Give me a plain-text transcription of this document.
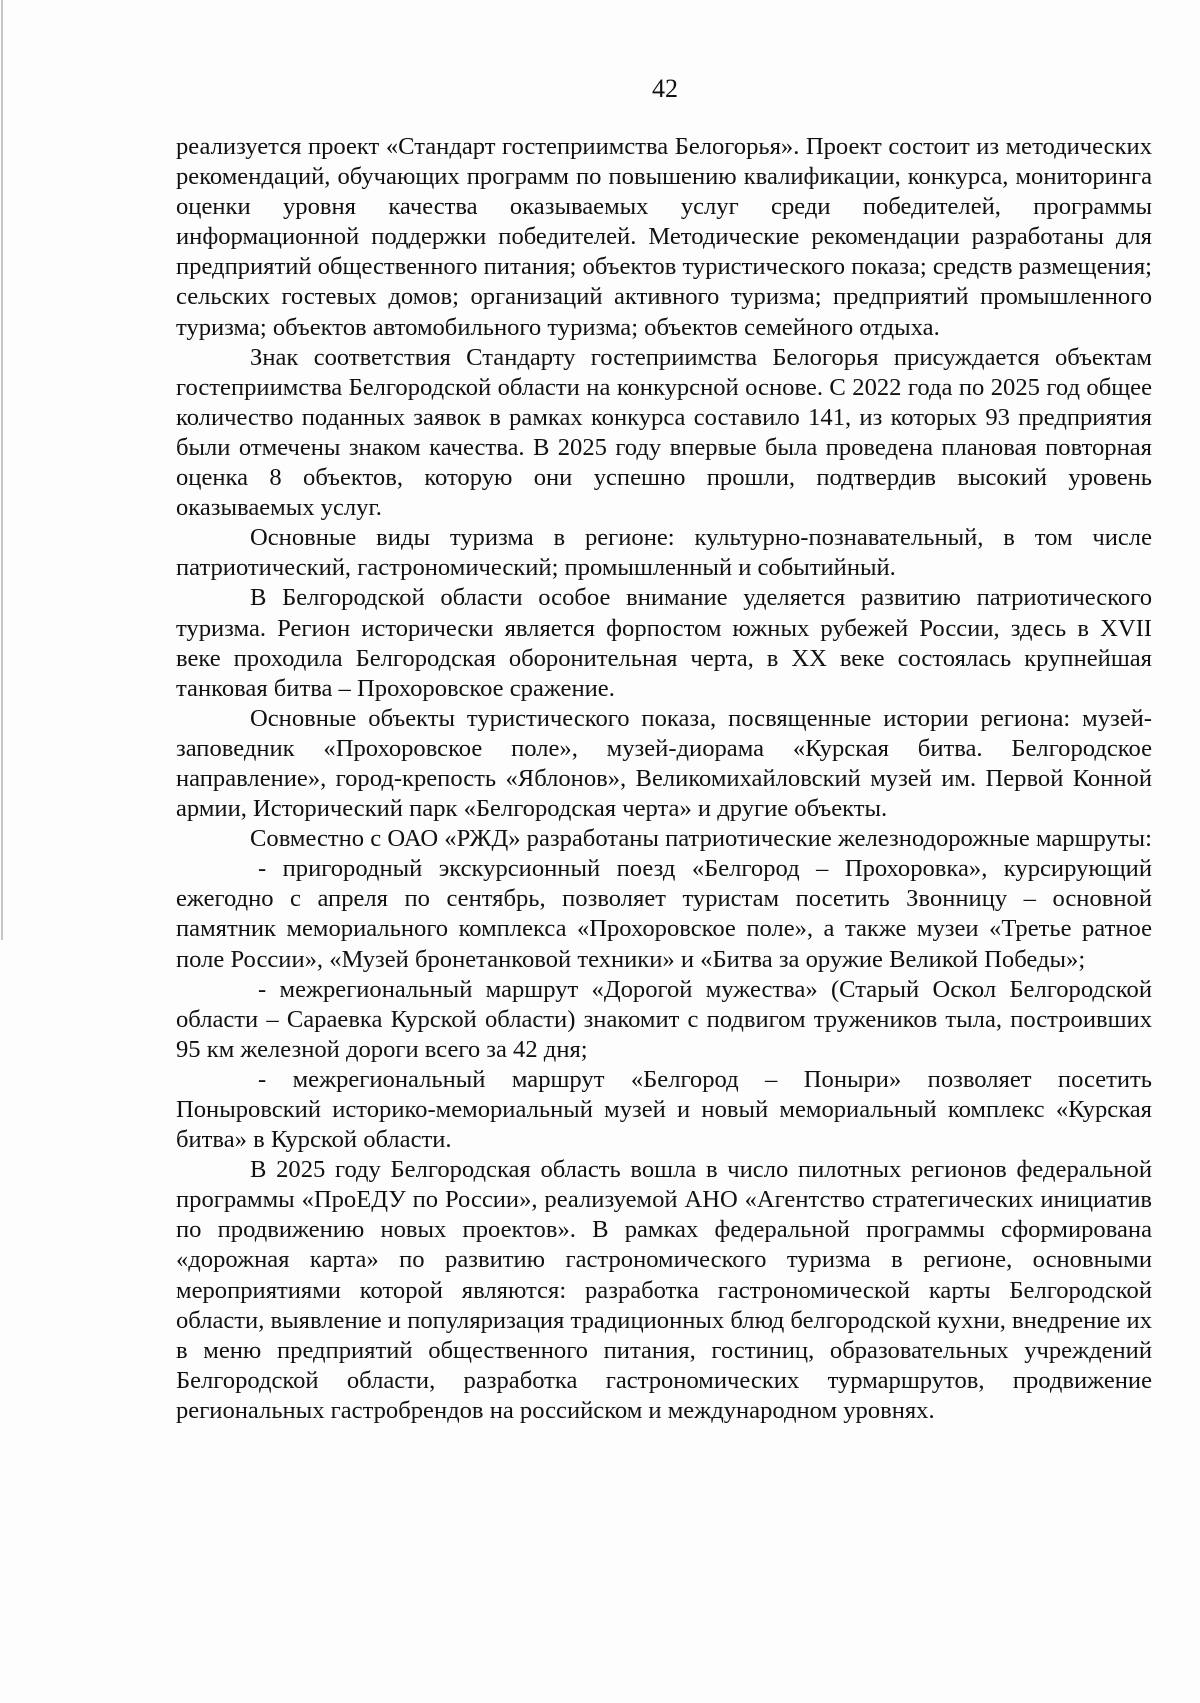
42

реализуется проект «Стандарт гостеприимства Белогорья». Проект состоит из методических рекомендаций, обучающих программ по повышению квалификации, конкурса, мониторинга оценки уровня качества оказываемых услуг среди победителей, программы информационной поддержки победителей. Методические рекомендации разработаны для предприятий общественного питания; объектов туристического показа; средств размещения; сельских гостевых домов; организаций активного туризма; предприятий промышленного туризма; объектов автомобильного туризма; объектов семейного отдыха.

Знак соответствия Стандарту гостеприимства Белогорья присуждается объектам гостеприимства Белгородской области на конкурсной основе. С 2022 года по 2025 год общее количество поданных заявок в рамках конкурса составило 141, из которых 93 предприятия были отмечены знаком качества. В 2025 году впервые была проведена плановая повторная оценка 8 объектов, которую они успешно прошли, подтвердив высокий уровень оказываемых услуг.

Основные виды туризма в регионе: культурно-познавательный, в том числе патриотический, гастрономический; промышленный и событийный.

В Белгородской области особое внимание уделяется развитию патриотического туризма. Регион исторически является форпостом южных рубежей России, здесь в XVII веке проходила Белгородская оборонительная черта, в XX веке состоялась крупнейшая танковая битва – Прохоровское сражение.

Основные объекты туристического показа, посвященные истории региона: музей-заповедник «Прохоровское поле», музей-диорама «Курская битва. Белгородское направление», город-крепость «Яблонов», Великомихайловский музей им. Первой Конной армии, Исторический парк «Белгородская черта» и другие объекты.

Совместно с ОАО «РЖД» разработаны патриотические железнодорожные маршруты:

- пригородный экскурсионный поезд «Белгород – Прохоровка», курсирующий ежегодно с апреля по сентябрь, позволяет туристам посетить Звонницу – основной памятник мемориального комплекса «Прохоровское поле», а также музеи «Третье ратное поле России», «Музей бронетанковой техники» и «Битва за оружие Великой Победы»;

- межрегиональный маршрут «Дорогой мужества» (Старый Оскол Белгородской области – Сараевка Курской области) знакомит с подвигом тружеников тыла, построивших 95 км железной дороги всего за 42 дня;

- межрегиональный маршрут «Белгород – Поныри» позволяет посетить Поныровский историко-мемориальный музей и новый мемориальный комплекс «Курская битва» в Курской области.

В 2025 году Белгородская область вошла в число пилотных регионов федеральной программы «ПроЕДУ по России», реализуемой АНО «Агентство стратегических инициатив по продвижению новых проектов». В рамках федеральной программы сформирована «дорожная карта» по развитию гастрономического туризма в регионе, основными мероприятиями которой являются: разработка гастрономической карты Белгородской области, выявление и популяризация традиционных блюд белгородской кухни, внедрение их в меню предприятий общественного питания, гостиниц, образовательных учреждений Белгородской области, разработка гастрономических турмаршрутов, продвижение региональных гастробрендов на российском и международном уровнях.
